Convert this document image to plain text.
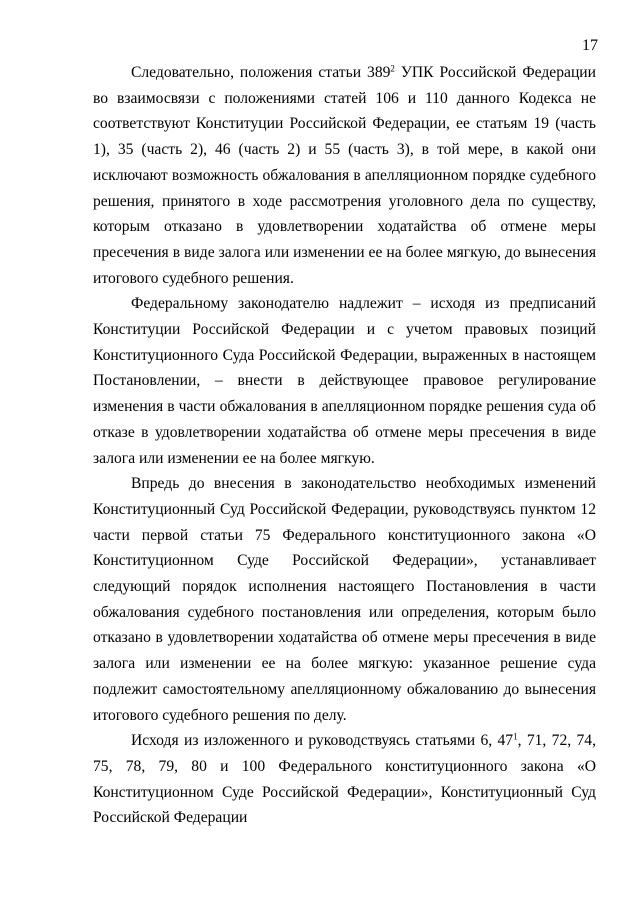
17

Следовательно, положения статьи $389^2$ УПК Российской Федерации во взаимосвязи с положениями статей 106 и 110 данного Кодекса не соответствуют Конституции Российской Федерации, ее статьям 19 (часть 1), 35 (часть 2), 46 (часть 2) и 55 (часть 3), в той мере, в какой они исключают возможность обжалования в апелляционном порядке судебного решения, принятого в ходе рассмотрения уголовного дела по существу, которым отказано в удовлетворении ходатайства об отмене меры пресечения в виде залога или изменении ее на более мягкую, до вынесения итогового судебного решения.

Федеральному законодателю надлежит – исходя из предписаний Конституции Российской Федерации и с учетом правовых позиций Конституционного Суда Российской Федерации, выраженных в настоящем Постановлении, – внести в действующее правовое регулирование изменения в части обжалования в апелляционном порядке решения суда об отказе в удовлетворении ходатайства об отмене меры пресечения в виде залога или изменении ее на более мягкую.

Впредь до внесения в законодательство необходимых изменений Конституционный Суд Российской Федерации, руководствуясь пунктом 12 части первой статьи 75 Федерального конституционного закона «О Конституционном Суде Российской Федерации», устанавливает следующий порядок исполнения настоящего Постановления в части обжалования судебного постановления или определения, которым было отказано в удовлетворении ходатайства об отмене меры пресечения в виде залога или изменении ее на более мягкую: указанное решение суда подлежит самостоятельному апелляционному обжалованию до вынесения итогового судебного решения по делу.

Исходя из изложенного и руководствуясь статьями 6, $47^1$, 71, 72, 74, 75, 78, 79, 80 и 100 Федерального конституционного закона «О Конституционном Суде Российской Федерации», Конституционный Суд Российской Федерации
